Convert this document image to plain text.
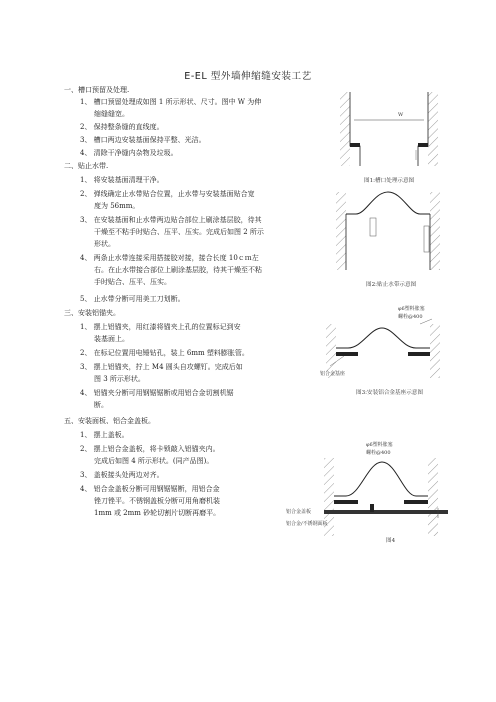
E-EL 型外墙伸缩缝安装工艺
一、槽口预留及处理.
1、 槽口预留处理成如图 1 所示形状、尺寸。图中 W 为伸
缩缝缝宽。
2、 保持整条缝的直线度。
3、 槽口两边安装基面保持平整、光洁。
4、 清除干净缝内杂物及垃圾。
二、贴止水带.
1、 将安装基面清理干净。
2、 弹线确定止水带贴合位置，止水带与安装基面贴合宽
度为 56mm。
3、 在安装基面和止水带两边贴合部位上刷涂基层胶，待其
干燥至不粘手时贴合、压平、压实。完成后如图 2 所示
形状。
4、 两条止水带连接采用搭接胶对接，接合长度 10ｃｍ左
右。在止水带接合部位上刷涂基层胶，待其干燥至不粘
手时贴合、压平、压实。
5、 止水带分断可用美工刀划断。
三、安装铝锚夹。
1、 摆上铝锚夹，用红漆将锚夹上孔的位置标记到安
装基面上。
2、 在标记位置用电锤钻孔，装上 6mm 塑料膨胀管。
3、 摆上铝锚夹，拧上 M4 圆头自攻螺钉。完成后如
图 3 所示形状。
4、 铝锚夹分断可用钢锯锯断或用铝合金切割机锯
断。
五、安装面板、铝合金盖板。
1、 摆上盖板。
2、 摆上铝合金盖板，将卡锁敲入铝锚夹内。
完成后如图 4 所示形状。(同产品图)。
3、 盖板接头处两边对齐。
4、 铝合金盖板分断可用钢锯锯断，用铝合金
锉刀锉平。不锈钢盖板分断可用角磨机装
1mm 或 2mm 砂轮切割片切断再磨平。
W
图1:槽口处理示意图
图2:贴止水带示意图
φ6塑料胀塞
螺栓@400
铝合金基座
图3:安装铝合金基座示意图
φ6塑料胀塞
螺栓@400
铝合金盖板
铝合金/不锈钢面板
图4
